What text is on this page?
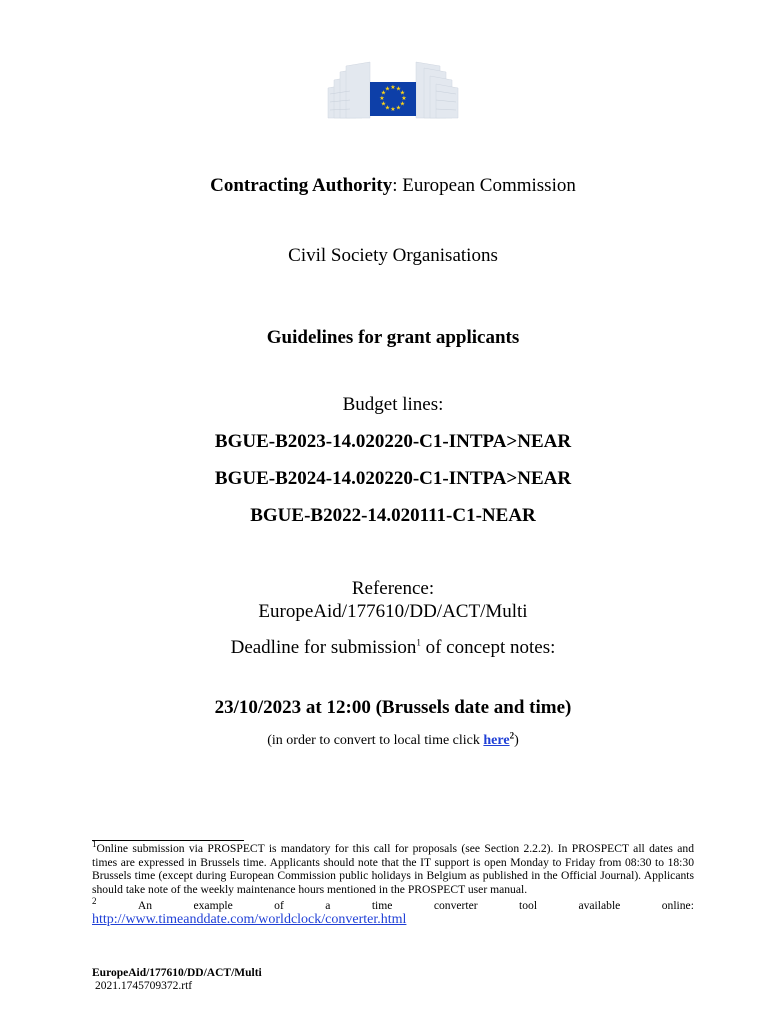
★ ★
★
★
★
★
★
★
★
★
★
★
Contracting Authority: European Commission
Civil Society Organisations
Guidelines for grant applicants
Budget lines:
BGUE-B2023-14.020220-C1-INTPA>NEAR
BGUE-B2024-14.020220-C1-INTPA>NEAR
BGUE-B2022-14.020111-C1-NEAR
Reference:
EuropeAid/177610/DD/ACT/Multi
Deadline for submission$^1$ of concept notes:
23/10/2023 at 12:00 (Brussels date and time)
(in order to convert to local time click here$^2$)
$^1$Online submission via PROSPECT is mandatory for this call for proposals (see Section 2.2.2). In PROSPECT all dates and times are expressed in Brussels time. Applicants should note that the IT support is open Monday to Friday from 08:30 to 18:30 Brussels time (except during European Commission public holidays in Belgium as published in the Official Journal). Applicants should take note of the weekly maintenance hours mentioned in the PROSPECT user manual.
$^2$	An	example	of	a	time	converter	tool	available	online:
http://www.timeanddate.com/worldclock/converter.html
EuropeAid/177610/DD/ACT/Multi
2021.1745709372.rtf
